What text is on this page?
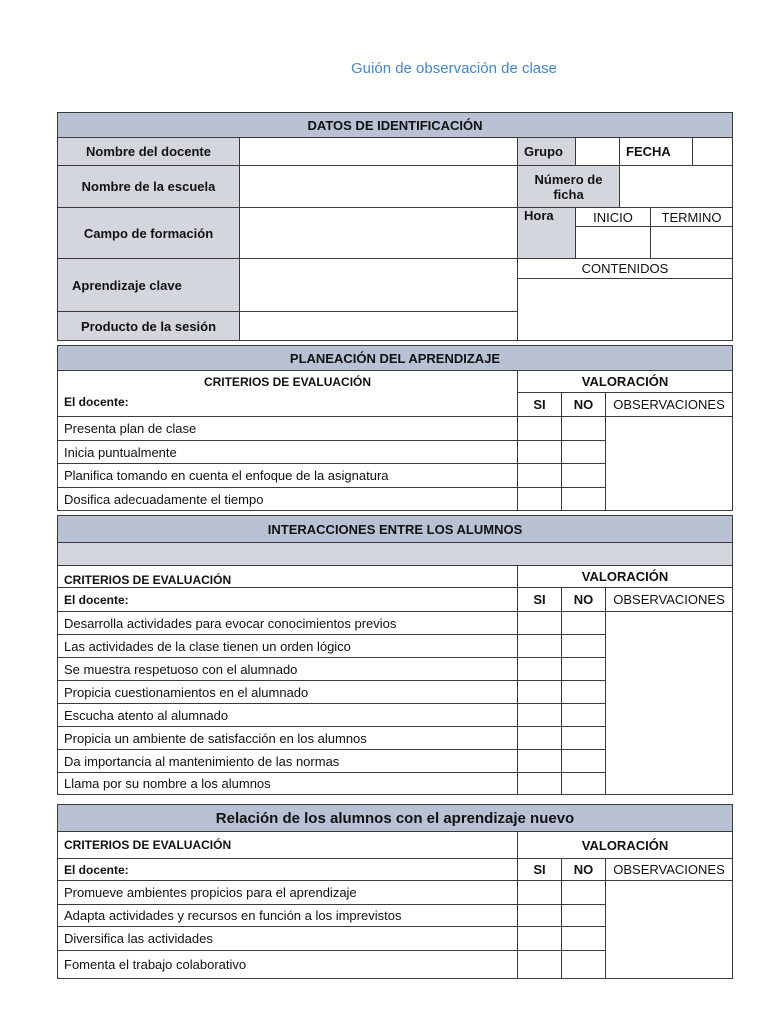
Guión de observación de clase
DATOS DE IDENTIFICACIÓN					
Nombre del docente		Grupo		FECHA	
Nombre de la escuela		Número de ficha			
Campo de formación		Hora	INICIO	TERMINO

Aprendizaje clave		CONTENIDOS		

Producto de la sesión				
PLANEACIÓN DEL APRENDIZAJE			

CRITERIOS DE EVALUACIÓN
El docente:	VALORACIÓN		
	SI	NO	OBSERVACIONES
Presenta plan de clase			
Inicia puntualmente			
Planifica tomando en cuenta el enfoque de la asignatura			
Dosifica adecuadamente el tiempo			
INTERACCIONES ENTRE LOS ALUMNOS			

CRITERIOS DE EVALUACIÓN	VALORACIÓN		
El docente:	SI	NO	OBSERVACIONES
Desarrolla actividades para evocar conocimientos previos			
Las actividades de la clase tienen un orden lógico			
Se muestra respetuoso con el alumnado			
Propicia cuestionamientos en el alumnado			
Escucha atento al alumnado			
Propicia un ambiente de satisfacción en los alumnos			
Da importancia al mantenimiento de las normas			
Llama por su nombre a los alumnos			
Relación de los alumnos con el aprendizaje nuevo			
CRITERIOS DE EVALUACIÓN	VALORACIÓN		
El docente:	SI	NO	OBSERVACIONES
Promueve ambientes propicios para el aprendizaje			
Adapta actividades y recursos en función a los imprevistos			
Diversifica las actividades			
Fomenta el trabajo colaborativo			
